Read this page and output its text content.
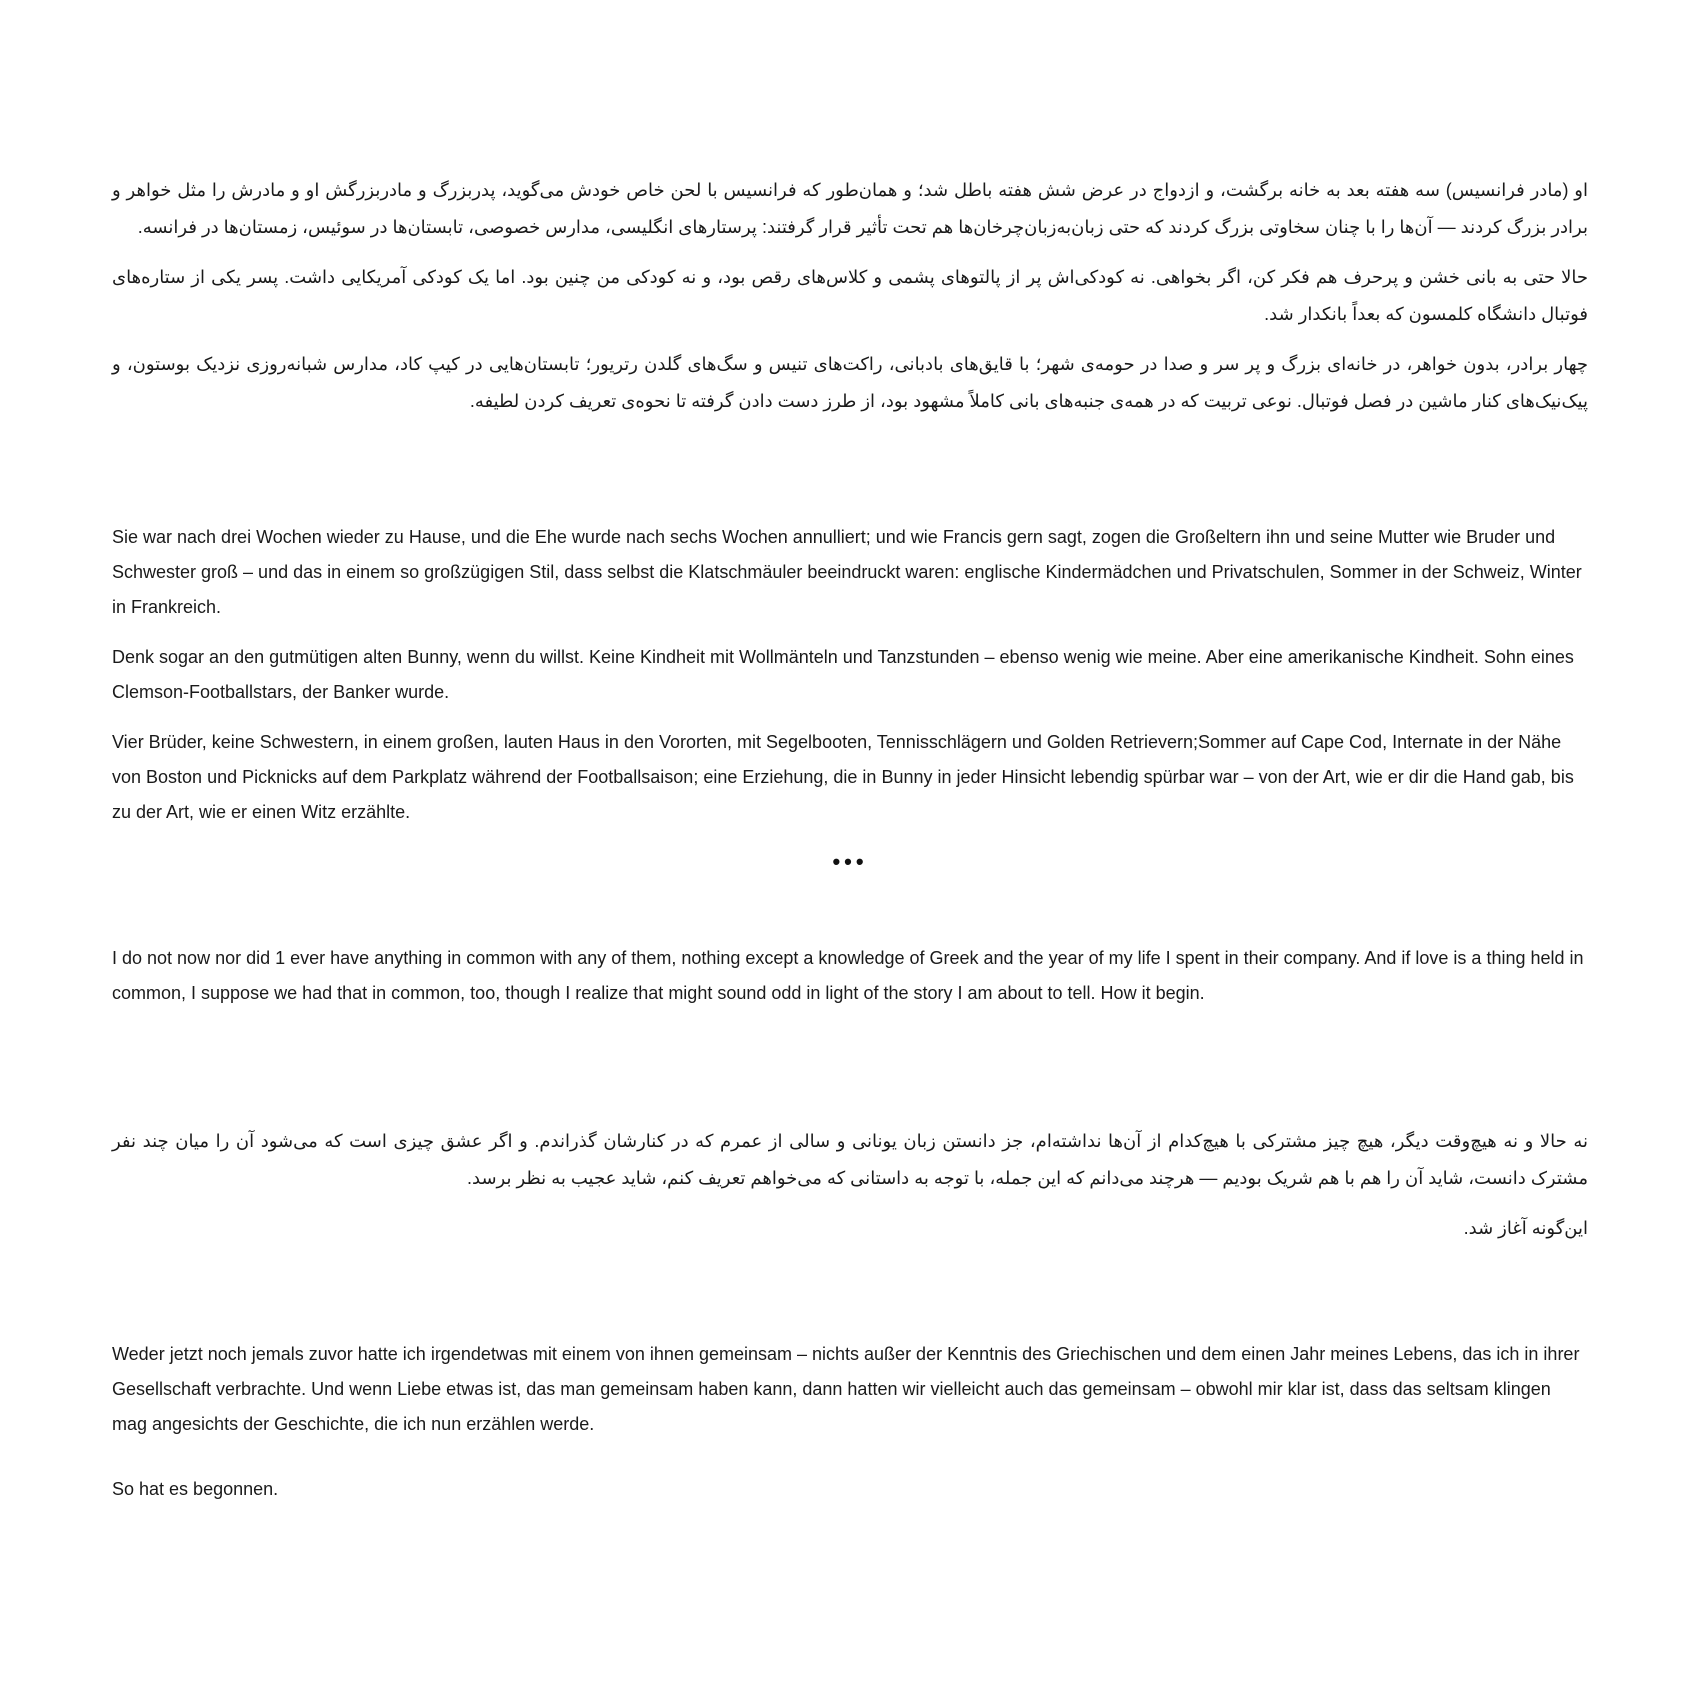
او (مادر فرانسیس) سه هفته بعد به خانه برگشت، و ازدواج در عرض شش هفته باطل شد؛ و همان‌طور که فرانسیس با لحن خاص خودش می‌گوید، پدربزرگ و مادربزرگش او و مادرش را مثل خواهر و برادر بزرگ کردند — آن‌ها را با چنان سخاوتی بزرگ کردند که حتی زبان‌به‌زبان‌چرخان‌ها هم تحت تأثیر قرار گرفتند: پرستارهای انگلیسی، مدارس خصوصی، تابستان‌ها در سوئیس، زمستان‌ها در فرانسه.

حالا حتی به بانی خشن و پرحرف هم فکر کن، اگر بخواهی. نه کودکی‌اش پر از پالتوهای پشمی و کلاس‌های رقص بود، و نه کودکی من چنین بود. اما یک کودکی آمریکایی داشت. پسر یکی از ستاره‌های فوتبال دانشگاه کلمسون که بعداً بانکدار شد.

چهار برادر، بدون خواهر، در خانه‌ای بزرگ و پر سر و صدا در حومه‌ی شهر؛ با قایق‌های بادبانی، راکت‌های تنیس و سگ‌های گلدن رتریور؛ تابستان‌هایی در کیپ کاد، مدارس شبانه‌روزی نزدیک بوستون، و پیک‌نیک‌های کنار ماشین در فصل فوتبال. نوعی تربیت که در همه‌ی جنبه‌های بانی کاملاً مشهود بود، از طرز دست دادن گرفته تا نحوه‌ی تعریف کردن لطیفه.

Sie war nach drei Wochen wieder zu Hause, und die Ehe wurde nach sechs Wochen annulliert; und wie Francis gern sagt, zogen die Großeltern ihn und seine Mutter wie Bruder und Schwester groß – und das in einem so großzügigen Stil, dass selbst die Klatschmäuler beeindruckt waren: englische Kindermädchen und Privatschulen, Sommer in der Schweiz, Winter in Frankreich.

Denk sogar an den gutmütigen alten Bunny, wenn du willst. Keine Kindheit mit Wollmänteln und Tanzstunden – ebenso wenig wie meine. Aber eine amerikanische Kindheit. Sohn eines Clemson-Footballstars, der Banker wurde.

Vier Brüder, keine Schwestern, in einem großen, lauten Haus in den Vororten, mit Segelbooten, Tennisschlägern und Golden Retrievern;Sommer auf Cape Cod, Internate in der Nähe von Boston und Picknicks auf dem Parkplatz während der Footballsaison; eine Erziehung, die in Bunny in jeder Hinsicht lebendig spürbar war – von der Art, wie er dir die Hand gab, bis zu der Art, wie er einen Witz erzählte.

•••

I do not now nor did 1 ever have anything in common with any of them, nothing except a knowledge of Greek and the year of my life I spent in their company. And if love is a thing held in common, I suppose we had that in common, too, though I realize that might sound odd in light of the story I am about to tell. How it begin.

نه حالا و نه هیچ‌وقت دیگر، هیچ چیز مشترکی با هیچ‌کدام از آن‌ها نداشته‌ام، جز دانستن زبان یونانی و سالی از عمرم که در کنارشان گذراندم. و اگر عشق چیزی است که می‌شود آن را میان چند نفر مشترک دانست، شاید آن را هم با هم شریک بودیم — هرچند می‌دانم که این جمله، با توجه به داستانی که می‌خواهم تعریف کنم، شاید عجیب به نظر برسد.

این‌گونه آغاز شد.

Weder jetzt noch jemals zuvor hatte ich irgendetwas mit einem von ihnen gemeinsam – nichts außer der Kenntnis des Griechischen und dem einen Jahr meines Lebens, das ich in ihrer Gesellschaft verbrachte. Und wenn Liebe etwas ist, das man gemeinsam haben kann, dann hatten wir vielleicht auch das gemeinsam – obwohl mir klar ist, dass das seltsam klingen mag angesichts der Geschichte, die ich nun erzählen werde.

So hat es begonnen.
